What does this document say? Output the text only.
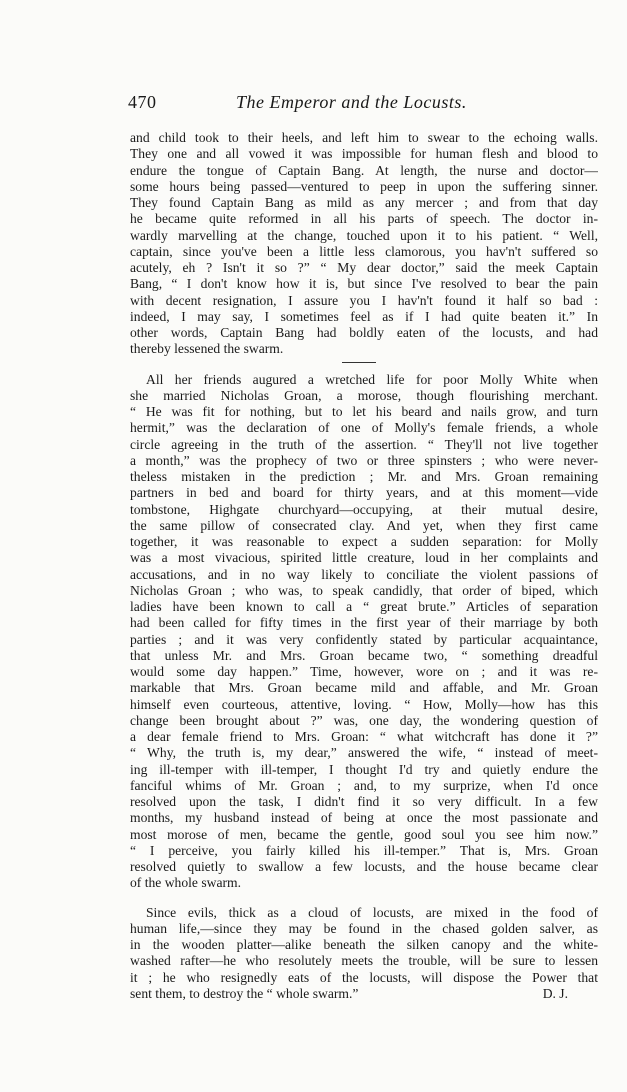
470	The Emperor and the Locusts.
and child took to their heels, and left him to swear to the echoing walls.
They one and all vowed it was impossible for human flesh and blood to
endure the tongue of Captain Bang. At length, the nurse and doctor—
some hours being passed—ventured to peep in upon the suffering sinner.
They found Captain Bang as mild as any mercer ; and from that day
he became quite reformed in all his parts of speech. The doctor in-
wardly marvelling at the change, touched upon it to his patient. “ Well,
captain, since you've been a little less clamorous, you hav'n't suffered so
acutely, eh ? Isn't it so ?” “ My dear doctor,” said the meek Captain
Bang, “ I don't know how it is, but since I've resolved to bear the pain
with decent resignation, I assure you I hav'n't found it half so bad :
indeed, I may say, I sometimes feel as if I had quite beaten it.” In
other words, Captain Bang had boldly eaten of the locusts, and had
thereby lessened the swarm.
All her friends augured a wretched life for poor Molly White when
she married Nicholas Groan, a morose, though flourishing merchant.
“ He was fit for nothing, but to let his beard and nails grow, and turn
hermit,” was the declaration of one of Molly's female friends, a whole
circle agreeing in the truth of the assertion. “ They'll not live together
a month,” was the prophecy of two or three spinsters ; who were never-
theless mistaken in the prediction ; Mr. and Mrs. Groan remaining
partners in bed and board for thirty years, and at this moment—vide
tombstone, Highgate churchyard—occupying, at their mutual desire,
the same pillow of consecrated clay. And yet, when they first came
together, it was reasonable to expect a sudden separation: for Molly
was a most vivacious, spirited little creature, loud in her complaints and
accusations, and in no way likely to conciliate the violent passions of
Nicholas Groan ; who was, to speak candidly, that order of biped, which
ladies have been known to call a “ great brute.” Articles of separation
had been called for fifty times in the first year of their marriage by both
parties ; and it was very confidently stated by particular acquaintance,
that unless Mr. and Mrs. Groan became two, “ something dreadful
would some day happen.” Time, however, wore on ; and it was re-
markable that Mrs. Groan became mild and affable, and Mr. Groan
himself even courteous, attentive, loving. “ How, Molly—how has this
change been brought about ?” was, one day, the wondering question of
a dear female friend to Mrs. Groan: “ what witchcraft has done it ?”
“ Why, the truth is, my dear,” answered the wife, “ instead of meet-
ing ill-temper with ill-temper, I thought I'd try and quietly endure the
fanciful whims of Mr. Groan ; and, to my surprize, when I'd once
resolved upon the task, I didn't find it so very difficult. In a few
months, my husband instead of being at once the most passionate and
most morose of men, became the gentle, good soul you see him now.”
“ I perceive, you fairly killed his ill-temper.” That is, Mrs. Groan
resolved quietly to swallow a few locusts, and the house became clear
of the whole swarm.
Since evils, thick as a cloud of locusts, are mixed in the food of
human life,—since they may be found in the chased golden salver, as
in the wooden platter—alike beneath the silken canopy and the white-
washed rafter—he who resolutely meets the trouble, will be sure to lessen
it ; he who resignedly eats of the locusts, will dispose the Power that
sent them, to destroy the “ whole swarm.”	D. J.
